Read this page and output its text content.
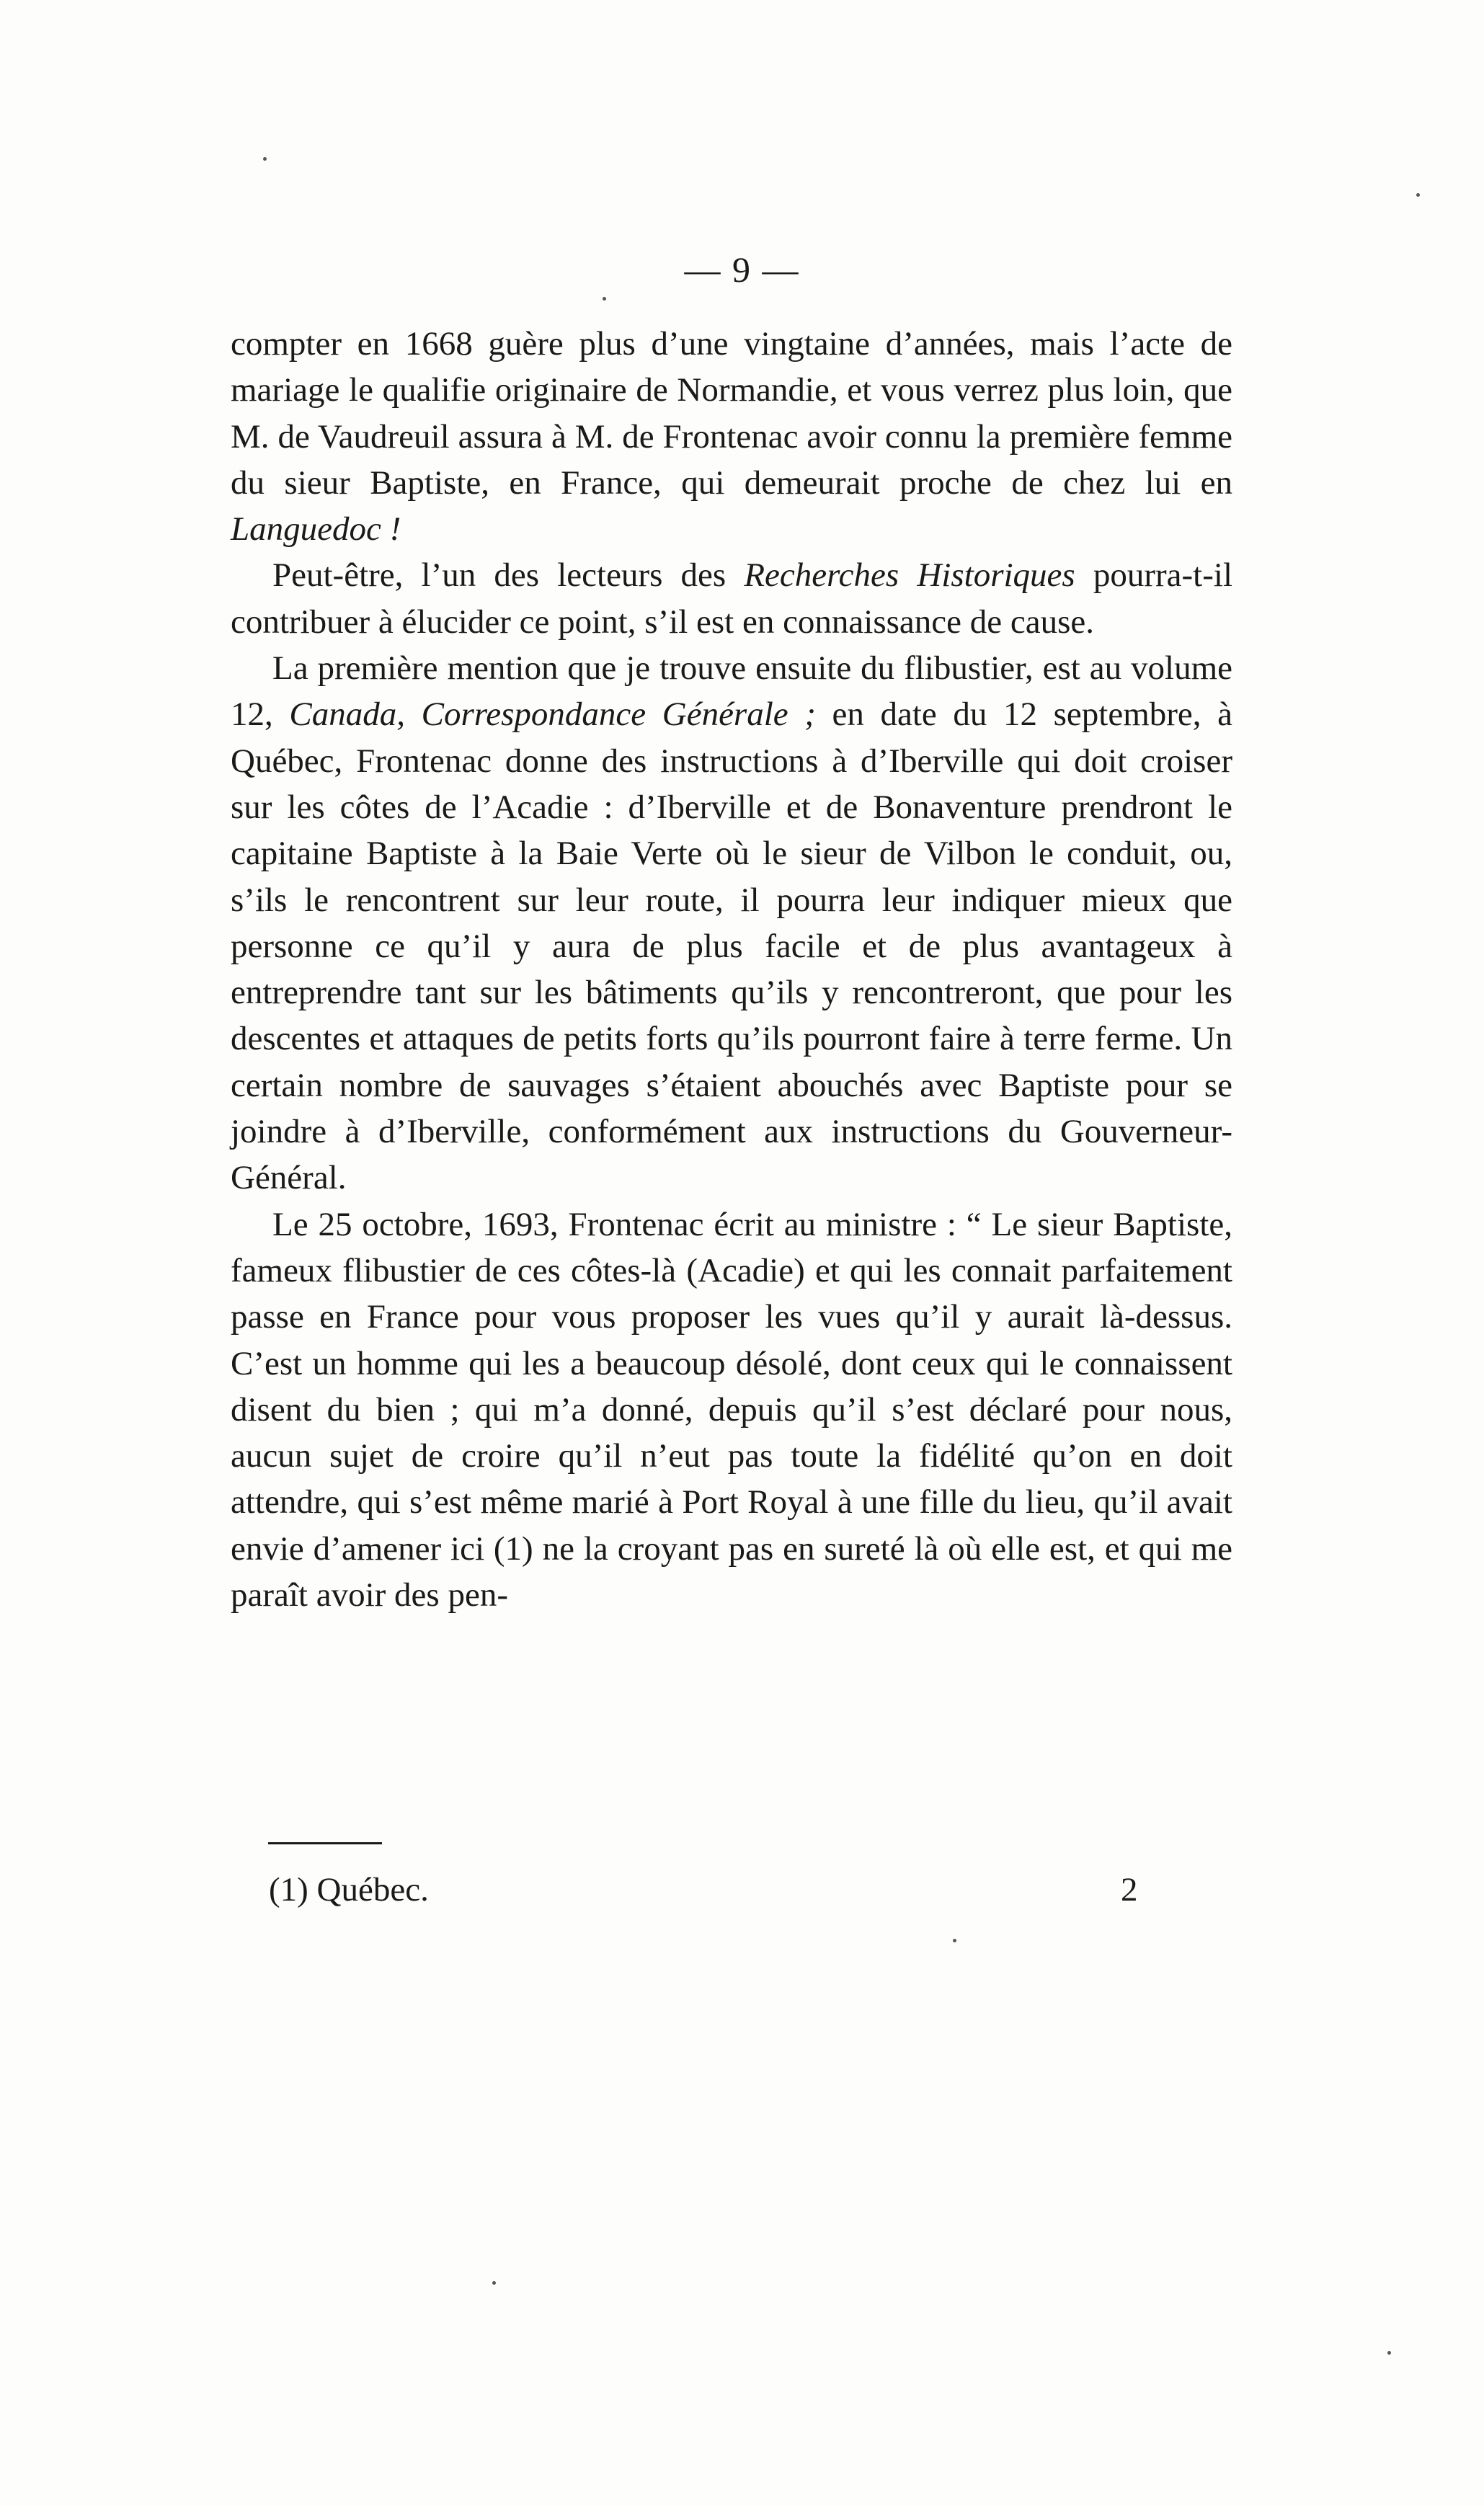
— 9 —

compter en 1668 guère plus d’une vingtaine d’années, mais l’acte de mariage le qualifie originaire de Normandie, et vous verrez plus loin, que M. de Vaudreuil assura à M. de Frontenac avoir connu la première femme du sieur Baptiste, en France, qui demeurait proche de chez lui en Languedoc !

Peut-être, l’un des lecteurs des Recherches Historiques pourra-t-il contribuer à élucider ce point, s’il est en connaissance de cause.

La première mention que je trouve ensuite du flibustier, est au volume 12, Canada, Correspondance Générale ; en date du 12 septembre, à Québec, Frontenac donne des instructions à d’Iberville qui doit croiser sur les côtes de l’Acadie : d’Iberville et de Bonaventure prendront le capitaine Baptiste à la Baie Verte où le sieur de Vilbon le conduit, ou, s’ils le rencontrent sur leur route, il pourra leur indiquer mieux que personne ce qu’il y aura de plus facile et de plus avantageux à entreprendre tant sur les bâtiments qu’ils y rencontreront, que pour les descentes et attaques de petits forts qu’ils pourront faire à terre ferme. Un certain nombre de sauvages s’étaient abouchés avec Baptiste pour se joindre à d’Iberville, conformément aux instructions du Gouverneur-Général.

Le 25 octobre, 1693, Frontenac écrit au ministre : “ Le sieur Baptiste, fameux flibustier de ces côtes-là (Acadie) et qui les connait parfaitement passe en France pour vous proposer les vues qu’il y aurait là-dessus. C’est un homme qui les a beaucoup désolé, dont ceux qui le connaissent disent du bien ; qui m’a donné, depuis qu’il s’est déclaré pour nous, aucun sujet de croire qu’il n’eut pas toute la fidélité qu’on en doit attendre, qui s’est même marié à Port Royal à une fille du lieu, qu’il avait envie d’amener ici (1) ne la croyant pas en sureté là où elle est, et qui me paraît avoir des pen-

(1) Québec.	2
